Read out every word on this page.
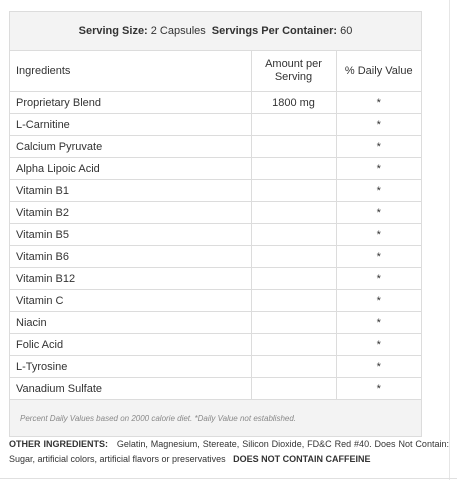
Serving Size: 2 Capsules Servings Per Container: 60
Ingredients	Amount per Serving	% Daily Value
Proprietary Blend	1800 mg	*
L-Carnitine		*
Calcium Pyruvate		*
Alpha Lipoic Acid		*
Vitamin B1		*
Vitamin B2		*
Vitamin B5		*
Vitamin B6		*
Vitamin B12		*
Vitamin C		*
Niacin		*
Folic Acid		*
L-Tyrosine		*
Vanadium Sulfate		*
Percent Daily Values based on 2000 calorie diet. *Daily Value not established.
OTHER INGREDIENTS: Gelatin, Magnesium, Stereate, Silicon Dioxide, FD&C Red #40. Does Not Contain: Sugar, artificial colors, artificial flavors or preservatives DOES NOT CONTAIN CAFFEINE
